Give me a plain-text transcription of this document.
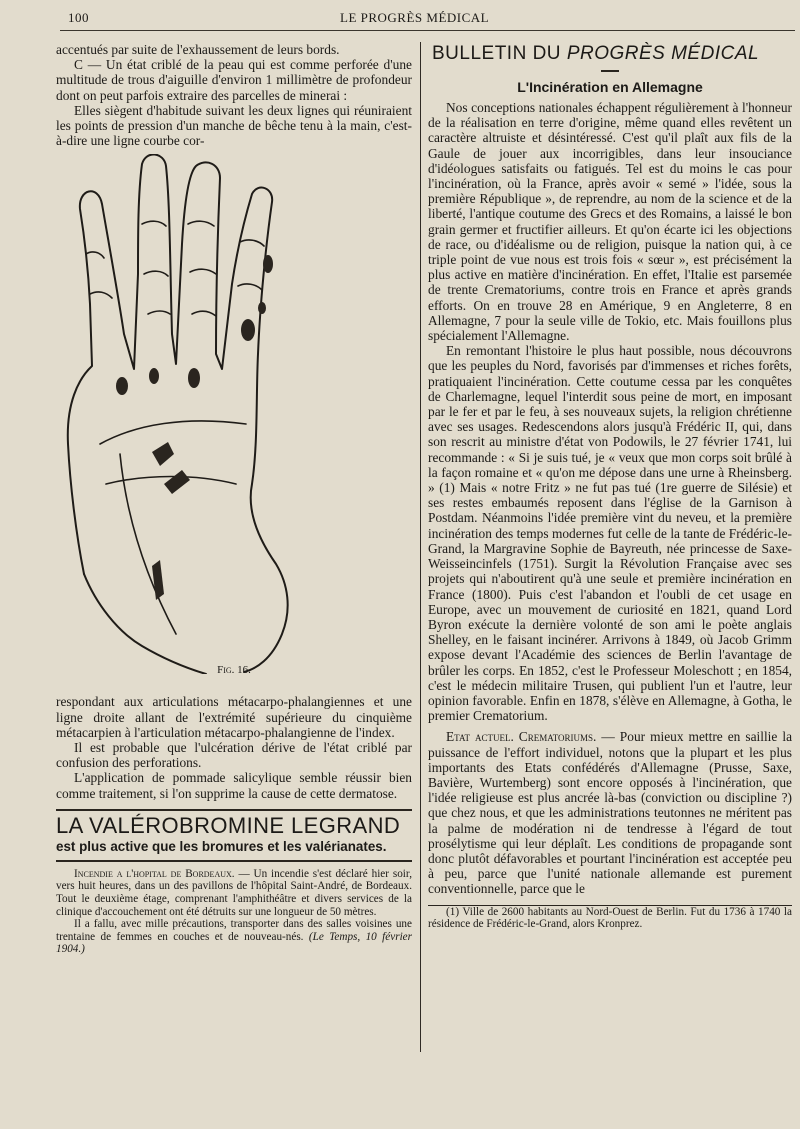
100	LE PROGRÈS MÉDICAL

accentués par suite de l'exhaussement de leurs bords.

C — Un état criblé de la peau qui est comme perforée d'une multitude de trous d'aiguille d'environ 1 millimètre de profondeur dont on peut parfois extraire des parcelles de minerai :

Elles siègent d'habitude suivant les deux lignes qui réuniraient les points de pression d'un manche de bêche tenu à la main, c'est-à-dire une ligne courbe cor-

Fig. 16.

respondant aux articulations métacarpo-phalangiennes et une ligne droite allant de l'extrémité supérieure du cinquième métacarpien à l'articulation métacarpo-phalangienne de l'index.

Il est probable que l'ulcération dérive de l'état criblé par confusion des perforations.

L'application de pommade salicylique semble réussir bien comme traitement, si l'on supprime la cause de cette dermatose.

LA VALÉROBROMINE LEGRAND
est plus active que les bromures et les valérianates.

Incendie a l'hopital de Bordeaux. — Un incendie s'est déclaré hier soir, vers huit heures, dans un des pavillons de l'hôpital Saint-André, de Bordeaux. Tout le deuxième étage, comprenant l'amphithéâtre et divers services de la clinique d'accouchement ont été détruits sur une longueur de 50 mètres.

Il a fallu, avec mille précautions, transporter dans des salles voisines une trentaine de femmes en couches et de nouveau-nés. (Le Temps, 10 février 1904.)

BULLETIN DU PROGRÈS MÉDICAL
L'Incinération en Allemagne

Nos conceptions nationales échappent régulièrement à l'honneur de la réalisation en terre d'origine, même quand elles revêtent un caractère altruiste et désintéressé. C'est qu'il plaît aux fils de la Gaule de jouer aux incorrigibles, dans leur insouciance d'idéologues satisfaits ou fatigués. Tel est du moins le cas pour l'incinération, où la France, après avoir « semé » l'idée, sous la première République », de reprendre, au nom de la science et de la liberté, l'antique coutume des Grecs et des Romains, a laissé le bon grain germer et fructifier ailleurs. Et qu'on écarte ici les objections de race, ou d'idéalisme ou de religion, puisque la nation qui, à ce triple point de vue nous est trois fois « sœur », est précisément la plus active en matière d'incinération. En effet, l'Italie est parsemée de trente Crematoriums, contre trois en France et après grands efforts. On en trouve 28 en Amérique, 9 en Angleterre, 8 en Allemagne, 7 pour la seule ville de Tokio, etc. Mais fouillons plus spécialement l'Allemagne.

En remontant l'histoire le plus haut possible, nous découvrons que les peuples du Nord, favorisés par d'immenses et riches forêts, pratiquaient l'incinération. Cette coutume cessa par les conquêtes de Charlemagne, lequel l'interdit sous peine de mort, en imposant par le fer et par le feu, à ses nouveaux sujets, la religion chrétienne avec ses usages. Redescendons alors jusqu'à Frédéric II, qui, dans son rescrit au ministre d'état von Podowils, le 27 février 1741, lui recommande : « Si je suis tué, je « veux que mon corps soit brûlé à la façon romaine et « qu'on me dépose dans une urne à Rheinsberg. » (1) Mais « notre Fritz » ne fut pas tué (1re guerre de Silésie) et ses restes embaumés reposent dans l'église de la Garnison à Postdam. Néanmoins l'idée première vint du neveu, et la première incinération des temps modernes fut celle de la tante de Frédéric-le-Grand, la Margravine Sophie de Bayreuth, née princesse de Saxe-Weisseincinfels (1751). Surgit la Révolution Française avec ses projets qui n'aboutirent qu'à une seule et première incinération en France (1800). Puis c'est l'abandon et l'oubli de cet usage en Europe, avec un mouvement de curiosité en 1821, quand Lord Byron exécute la dernière volonté de son ami le poète anglais Shelley, en le faisant incinérer. Arrivons à 1849, où Jacob Grimm expose devant l'Académie des sciences de Berlin l'avantage de brûler les corps. En 1852, c'est le Professeur Moleschott ; en 1854, c'est le médecin militaire Trusen, qui publient l'un et l'autre, leur opinion favorable. Enfin en 1878, s'élève en Allemagne, à Gotha, le premier Crematorium.

Etat actuel. Crematoriums. — Pour mieux mettre en saillie la puissance de l'effort individuel, notons que la plupart et les plus importants des Etats confédérés d'Allemagne (Prusse, Saxe, Bavière, Wurtemberg) sont encore opposés à l'incinération, que l'idée religieuse est plus ancrée là-bas (conviction ou discipline ?) que chez nous, et que les administrations teutonnes ne méritent pas la palme de modération ni de tendresse à l'égard de tout prosélytisme qui leur déplaît. Les conditions de propagande sont donc plutôt défavorables et pourtant l'incinération est acceptée peu à peu, parce que l'unité nationale allemande est purement conventionnelle, parce que le

(1) Ville de 2600 habitants au Nord-Ouest de Berlin. Fut du 1736 à 1740 la résidence de Frédéric-le-Grand, alors Kronprez.
